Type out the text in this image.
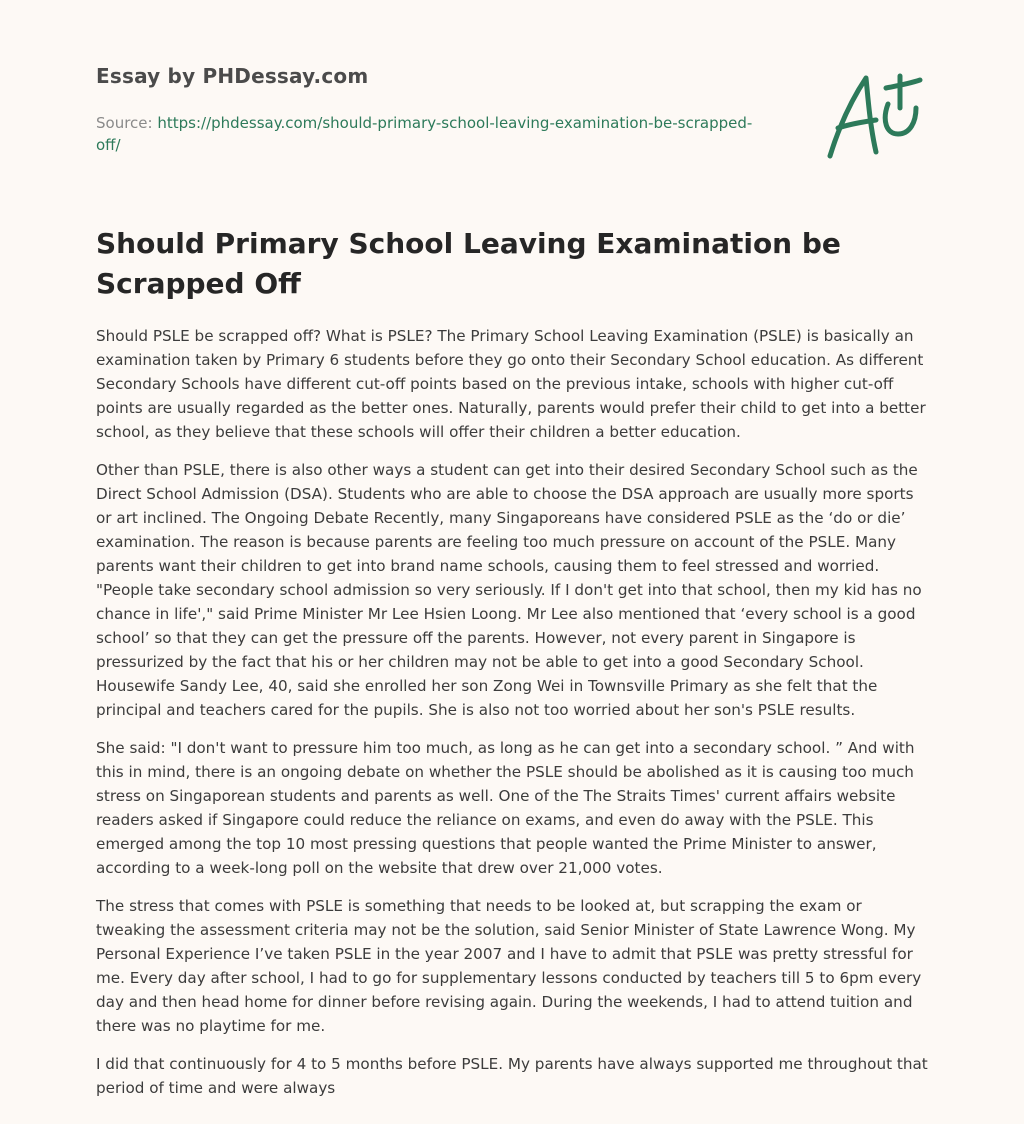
Essay by PHDessay.com
Source: https://phdessay.com/should-primary-school-leaving-examination-be-scrapped-off/
Should Primary School Leaving Examination be Scrapped Off

Should PSLE be scrapped off? What is PSLE? The Primary School Leaving Examination (PSLE) is basically an examination taken by Primary 6 students before they go onto their Secondary School education. As different Secondary Schools have different cut-off points based on the previous intake, schools with higher cut-off points are usually regarded as the better ones. Naturally, parents would prefer their child to get into a better school, as they believe that these schools will offer their children a better education.

Other than PSLE, there is also other ways a student can get into their desired Secondary School such as the Direct School Admission (DSA). Students who are able to choose the DSA approach are usually more sports or art inclined. The Ongoing Debate Recently, many Singaporeans have considered PSLE as the ‘do or die’ examination. The reason is because parents are feeling too much pressure on account of the PSLE. Many parents want their children to get into brand name schools, causing them to feel stressed and worried. "People take secondary school admission so very seriously. If I don't get into that school, then my kid has no chance in life'," said Prime Minister Mr Lee Hsien Loong. Mr Lee also mentioned that ‘every school is a good school’ so that they can get the pressure off the parents. However, not every parent in Singapore is pressurized by the fact that his or her children may not be able to get into a good Secondary School. Housewife Sandy Lee, 40, said she enrolled her son Zong Wei in Townsville Primary as she felt that the principal and teachers cared for the pupils. She is also not too worried about her son's PSLE results.

She said: "I don't want to pressure him too much, as long as he can get into a secondary school. ” And with this in mind, there is an ongoing debate on whether the PSLE should be abolished as it is causing too much stress on Singaporean students and parents as well. One of the The Straits Times' current affairs website readers asked if Singapore could reduce the reliance on exams, and even do away with the PSLE. This emerged among the top 10 most pressing questions that people wanted the Prime Minister to answer, according to a week-long poll on the website that drew over 21,000 votes.

The stress that comes with PSLE is something that needs to be looked at, but scrapping the exam or tweaking the assessment criteria may not be the solution, said Senior Minister of State Lawrence Wong. My Personal Experience I’ve taken PSLE in the year 2007 and I have to admit that PSLE was pretty stressful for me. Every day after school, I had to go for supplementary lessons conducted by teachers till 5 to 6pm every day and then head home for dinner before revising again. During the weekends, I had to attend tuition and there was no playtime for me.

I did that continuously for 4 to 5 months before PSLE. My parents have always supported me throughout that period of time and were always
